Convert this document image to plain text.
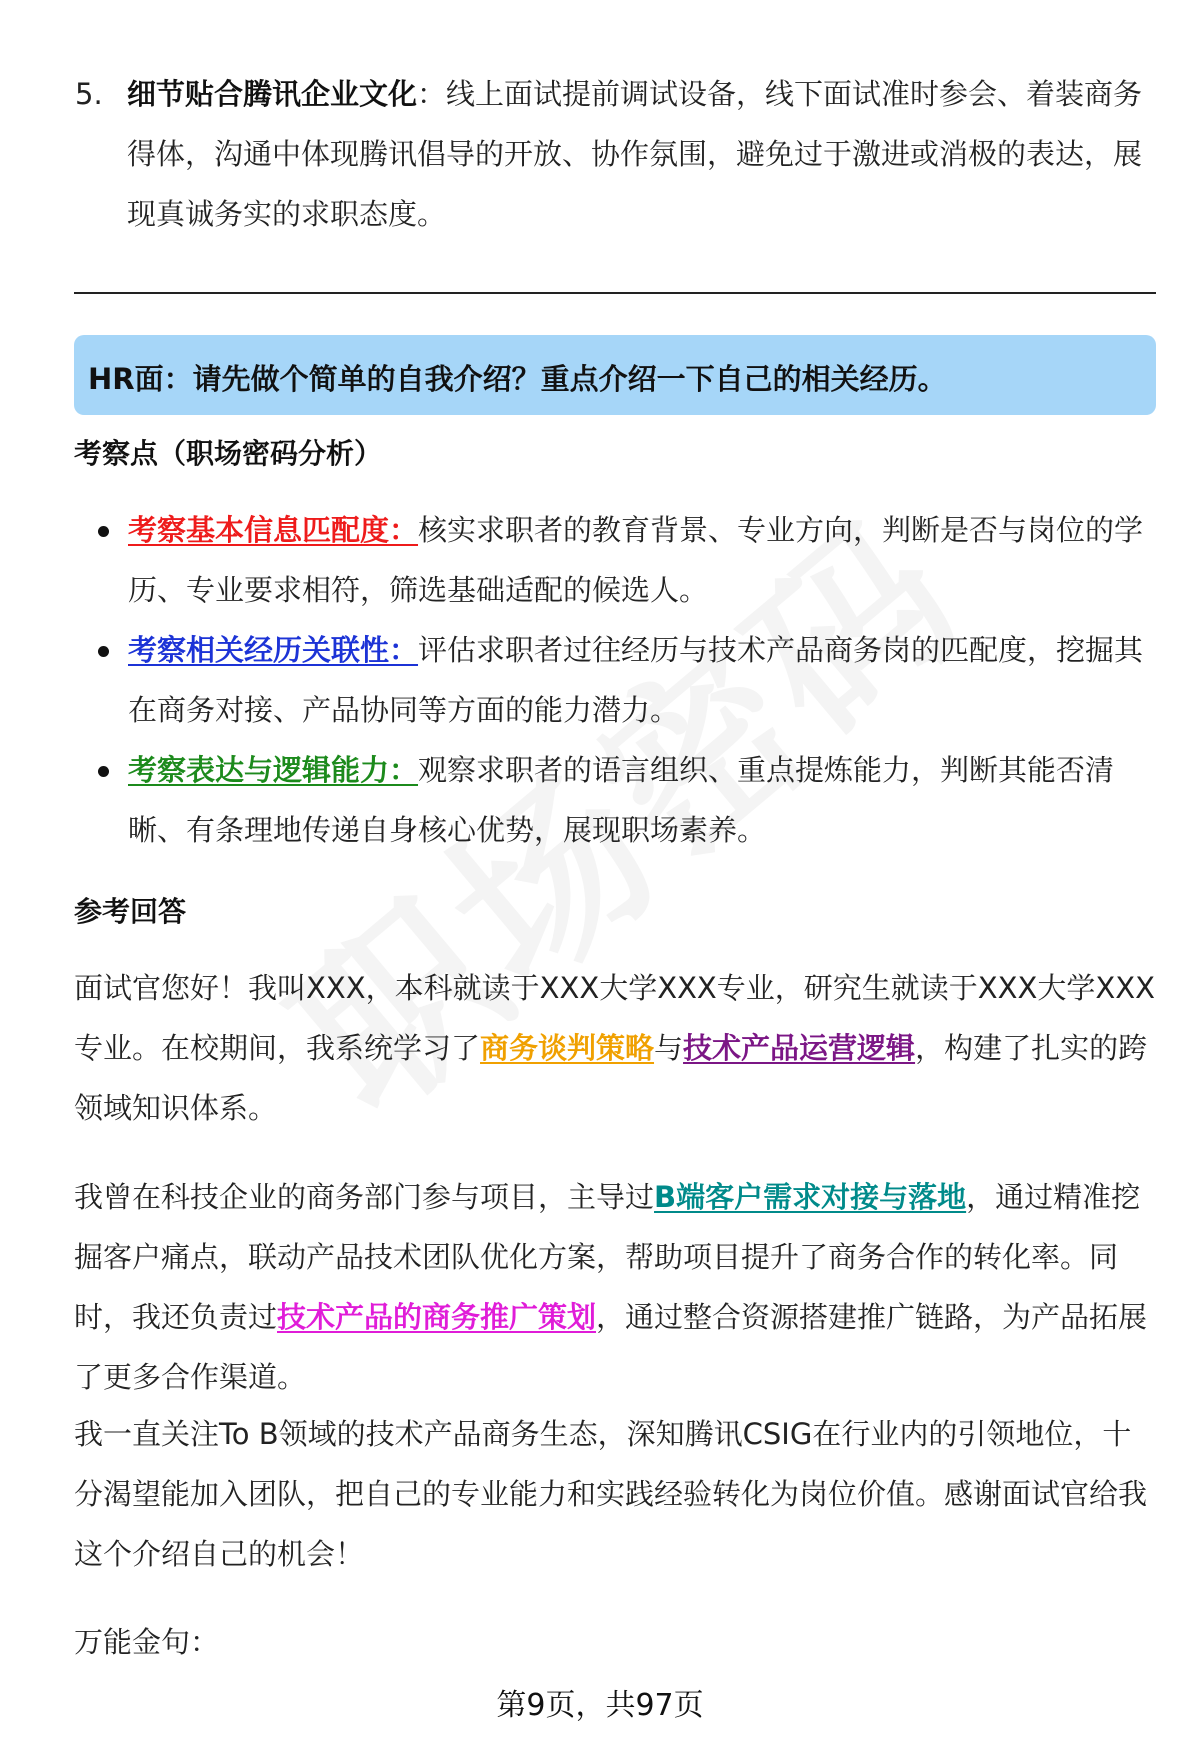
5. 细节贴合腾讯企业文化：线上面试提前调试设备，线下面试准时参会、着装商务得体，沟通中体现腾讯倡导的开放、协作氛围，避免过于激进或消极的表达，展现真诚务实的求职态度。
HR面：请先做个简单的自我介绍？重点介绍一下自己的相关经历。
考察点（职场密码分析）
考察基本信息匹配度：核实求职者的教育背景、专业方向，判断是否与岗位的学历、专业要求相符，筛选基础适配的候选人。
考察相关经历关联性：评估求职者过往经历与技术产品商务岗的匹配度，挖掘其在商务对接、产品协同等方面的能力潜力。
考察表达与逻辑能力：观察求职者的语言组织、重点提炼能力，判断其能否清晰、有条理地传递自身核心优势，展现职场素养。
参考回答
面试官您好！我叫XXX，本科就读于XXX大学XXX专业，研究生就读于XXX大学XXX专业。在校期间，我系统学习了商务谈判策略与技术产品运营逻辑，构建了扎实的跨领域知识体系。
我曾在科技企业的商务部门参与项目，主导过B端客户需求对接与落地，通过精准挖掘客户痛点，联动产品技术团队优化方案，帮助项目提升了商务合作的转化率。同时，我还负责过技术产品的商务推广策划，通过整合资源搭建推广链路，为产品拓展了更多合作渠道。
我一直关注To B领域的技术产品商务生态，深知腾讯CSIG在行业内的引领地位，十分渴望能加入团队，把自己的专业能力和实践经验转化为岗位价值。感谢面试官给我这个介绍自己的机会！
万能金句：
第9页，共97页
